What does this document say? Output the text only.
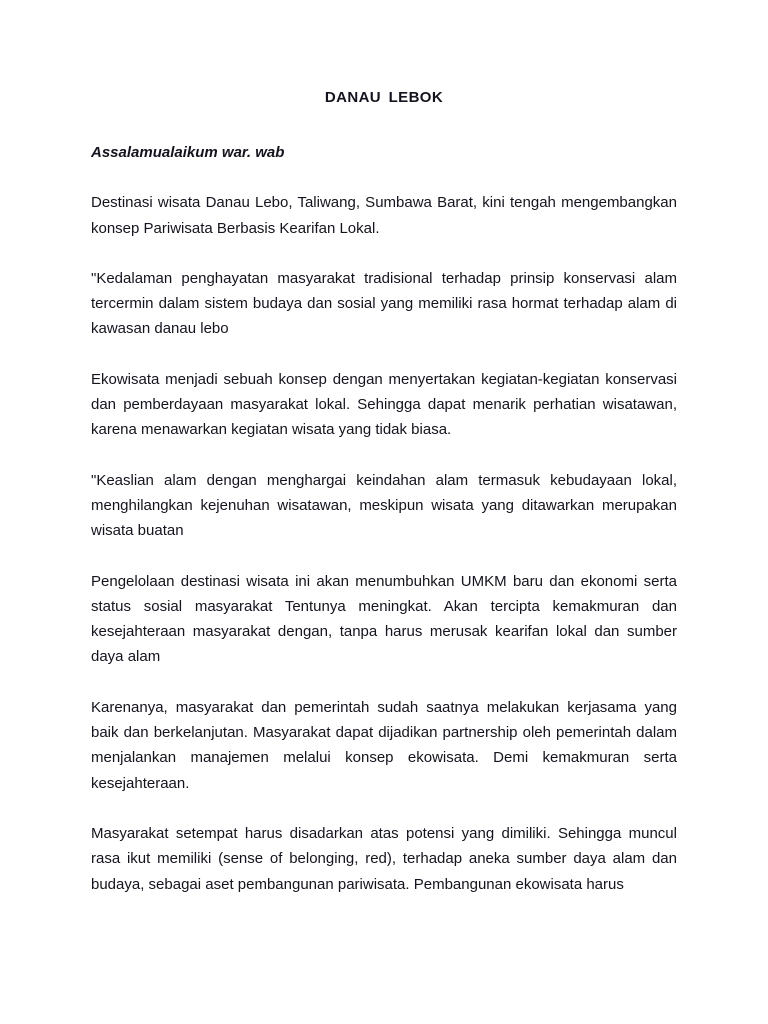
DANAU LEBOK

Assalamualaikum war. wab

Destinasi wisata Danau Lebo, Taliwang, Sumbawa Barat, kini tengah mengembangkan konsep Pariwisata Berbasis Kearifan Lokal.

"Kedalaman penghayatan masyarakat tradisional terhadap prinsip konservasi alam tercermin dalam sistem budaya dan sosial yang memiliki rasa hormat terhadap alam di kawasan danau lebo

Ekowisata menjadi sebuah konsep dengan menyertakan kegiatan-kegiatan konservasi dan pemberdayaan masyarakat lokal. Sehingga dapat menarik perhatian wisatawan, karena menawarkan kegiatan wisata yang tidak biasa.

"Keaslian alam dengan menghargai keindahan alam termasuk kebudayaan lokal, menghilangkan kejenuhan wisatawan, meskipun wisata yang ditawarkan merupakan wisata buatan

Pengelolaan destinasi wisata ini akan menumbuhkan UMKM baru dan ekonomi serta status sosial masyarakat Tentunya meningkat. Akan tercipta kemakmuran dan kesejahteraan masyarakat dengan, tanpa harus merusak kearifan lokal dan sumber daya alam

Karenanya, masyarakat dan pemerintah sudah saatnya melakukan kerjasama yang baik dan berkelanjutan. Masyarakat dapat dijadikan partnership oleh pemerintah dalam menjalankan manajemen melalui konsep ekowisata. Demi kemakmuran serta kesejahteraan.

Masyarakat setempat harus disadarkan atas potensi yang dimiliki. Sehingga muncul rasa ikut memiliki (sense of belonging, red), terhadap aneka sumber daya alam dan budaya, sebagai aset pembangunan pariwisata. Pembangunan ekowisata harus
